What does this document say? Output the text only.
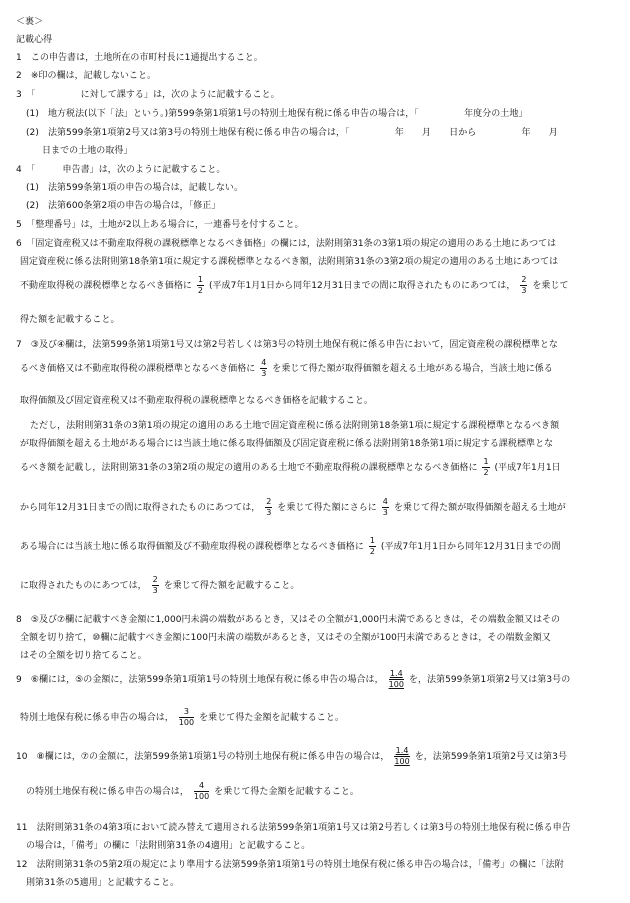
＜裏＞
記載心得
1　この申告書は，土地所在の市町村長に1通提出すること。
2　※印の欄は，記載しないこと。
3　「　　　　　に対して課する」は，次のように記載すること。
(1)　地方税法(以下「法」という。)第599条第1項第1号の特別土地保有税に係る申告の場合は，「　　　　　年度分の土地」
(2)　法第599条第1項第2号又は第3号の特別土地保有税に係る申告の場合は，「　　　　　年　　月　　日から　　　　　年　　月
日までの土地の取得」
4　「　　　申告書」は，次のように記載すること。
(1)　法第599条第1項の申告の場合は，記載しない。
(2)　法第600条第2項の申告の場合は，「修正」
5　「整理番号」は，土地が2以上ある場合に，一連番号を付すること。
6　「固定資産税又は不動産取得税の課税標準となるべき価格」の欄には，法附則第31条の3第1項の規定の適用のある土地にあつては
固定資産税に係る法附則第18条第1項に規定する課税標準となるべき額，法附則第31条の3第2項の規定の適用のある土地にあつては
不動産取得税の課税標準となるべき価格に $\frac{1}{2}$ (平成7年1月1日から同年12月31日までの間に取得されたものにあつては， $\frac{2}{3}$ を乗じて
得た額を記載すること。
7　③及び④欄は，法第599条第1項第1号又は第2号若しくは第3号の特別土地保有税に係る申告において，固定資産税の課税標準とな
るべき価格又は不動産取得税の課税標準となるべき価格に $\frac{4}{3}$ を乗じて得た額が取得価額を超える土地がある場合，当該土地に係る
取得価額及び固定資産税又は不動産取得税の課税標準となるべき価格を記載すること。
ただし，法附則第31条の3第1項の規定の適用のある土地で固定資産税に係る法附則第18条第1項に規定する課税標準となるべき額
が取得価額を超える土地がある場合には当該土地に係る取得価額及び固定資産税に係る法附則第18条第1項に規定する課税標準とな
るべき額を記載し，法附則第31条の3第2項の規定の適用のある土地で不動産取得税の課税標準となるべき価格に $\frac{1}{2}$ (平成7年1月1日
から同年12月31日までの間に取得されたものにあつては， $\frac{2}{3}$ を乗じて得た額にさらに $\frac{4}{3}$ を乗じて得た額が取得価額を超える土地が
ある場合には当該土地に係る取得価額及び不動産取得税の課税標準となるべき価格に $\frac{1}{2}$ (平成7年1月1日から同年12月31日までの間
に取得されたものにあつては， $\frac{2}{3}$ を乗じて得た額を記載すること。
8　⑤及び⑦欄に記載すべき金額に1,000円未満の端数があるとき，又はその全額が1,000円未満であるときは，その端数金額又はその
全額を切り捨て，⑩欄に記載すべき金額に100円未満の端数があるとき，又はその全額が100円未満であるときは，その端数金額又
はその全額を切り捨てること。
9　⑥欄には，⑤の金額に，法第599条第1項第1号の特別土地保有税に係る申告の場合は， $\frac{1.4}{100}$ を，法第599条第1項第2号又は第3号の
特別土地保有税に係る申告の場合は， $\frac{3}{100}$ を乗じて得た金額を記載すること。
10　⑧欄には，⑦の金額に，法第599条第1項第1号の特別土地保有税に係る申告の場合は， $\frac{1.4}{100}$ を，法第599条第1項第2号又は第3号
の特別土地保有税に係る申告の場合は， $\frac{4}{100}$ を乗じて得た金額を記載すること。
11　法附則第31条の4第3項において読み替えて適用される法第599条第1項第1号又は第2号若しくは第3号の特別土地保有税に係る申告
の場合は，「備考」の欄に「法附則第31条の4適用」と記載すること。
12　法附則第31条の5第2項の規定により準用する法第599条第1項第1号の特別土地保有税に係る申告の場合は，「備考」の欄に「法附
則第31条の5適用」と記載すること。
